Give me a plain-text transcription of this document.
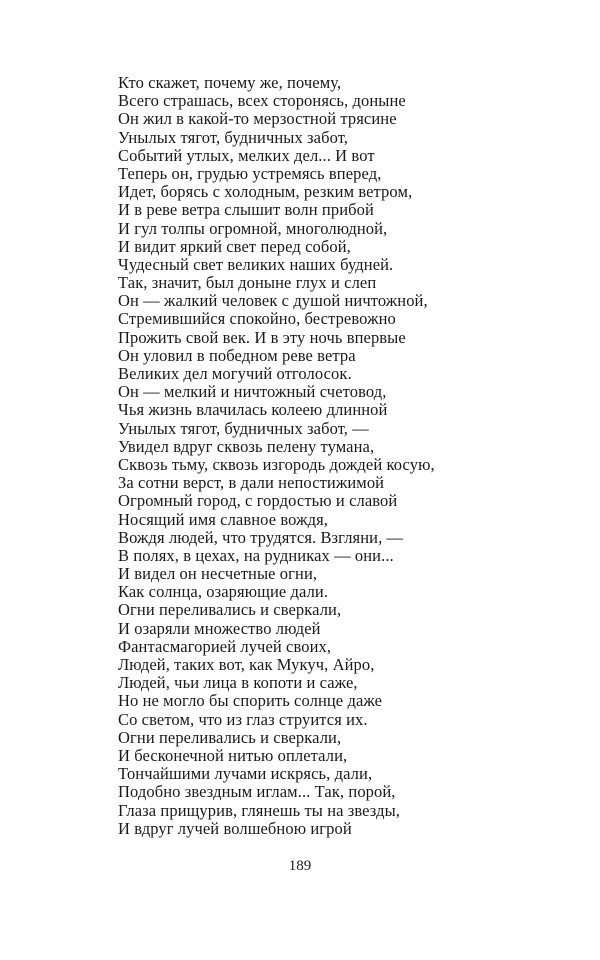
Кто скажет, почему же, почему,
Всего страшась, всех сторонясь, доныне
Он жил в какой-то мерзостной трясине
Унылых тягот, будничных забот,
Событий утлых, мелких дел... И вот
Теперь он, грудью устремясь вперед,
Идет, борясь с холодным, резким ветром,
И в реве ветра слышит волн прибой
И гул толпы огромной, многолюдной,
И видит яркий свет перед собой,
Чудесный свет великих наших будней.
Так, значит, был доныне глух и слеп
Он — жалкий человек с душой ничтожной,
Стремившийся спокойно, бестревожно
Прожить свой век. И в эту ночь впервые
Он уловил в победном реве ветра
Великих дел могучий отголосок.
Он — мелкий и ничтожный счетовод,
Чья жизнь влачилась колеею длинной
Унылых тягот, будничных забот, —
Увидел вдруг сквозь пелену тумана,
Сквозь тьму, сквозь изгородь дождей косую,
За сотни верст, в дали непостижимой
Огромный город, с гордостью и славой
Носящий имя славное вождя,
Вождя людей, что трудятся. Взгляни, —
В полях, в цехах, на рудниках — они...
И видел он несчетные огни,
Как солнца, озаряющие дали.
Огни переливались и сверкали,
И озаряли множество людей
Фантасмагорией лучей своих,
Людей, таких вот, как Мукуч, Айро,
Людей, чьи лица в копоти и саже,
Но не могло бы спорить солнце даже
Со светом, что из глаз струится их.
Огни переливались и сверкали,
И бесконечной нитью оплетали,
Тончайшими лучами искрясь, дали,
Подобно звездным иглам... Так, порой,
Глаза прищурив, глянешь ты на звезды,
И вдруг лучей волшебною игрой
189
